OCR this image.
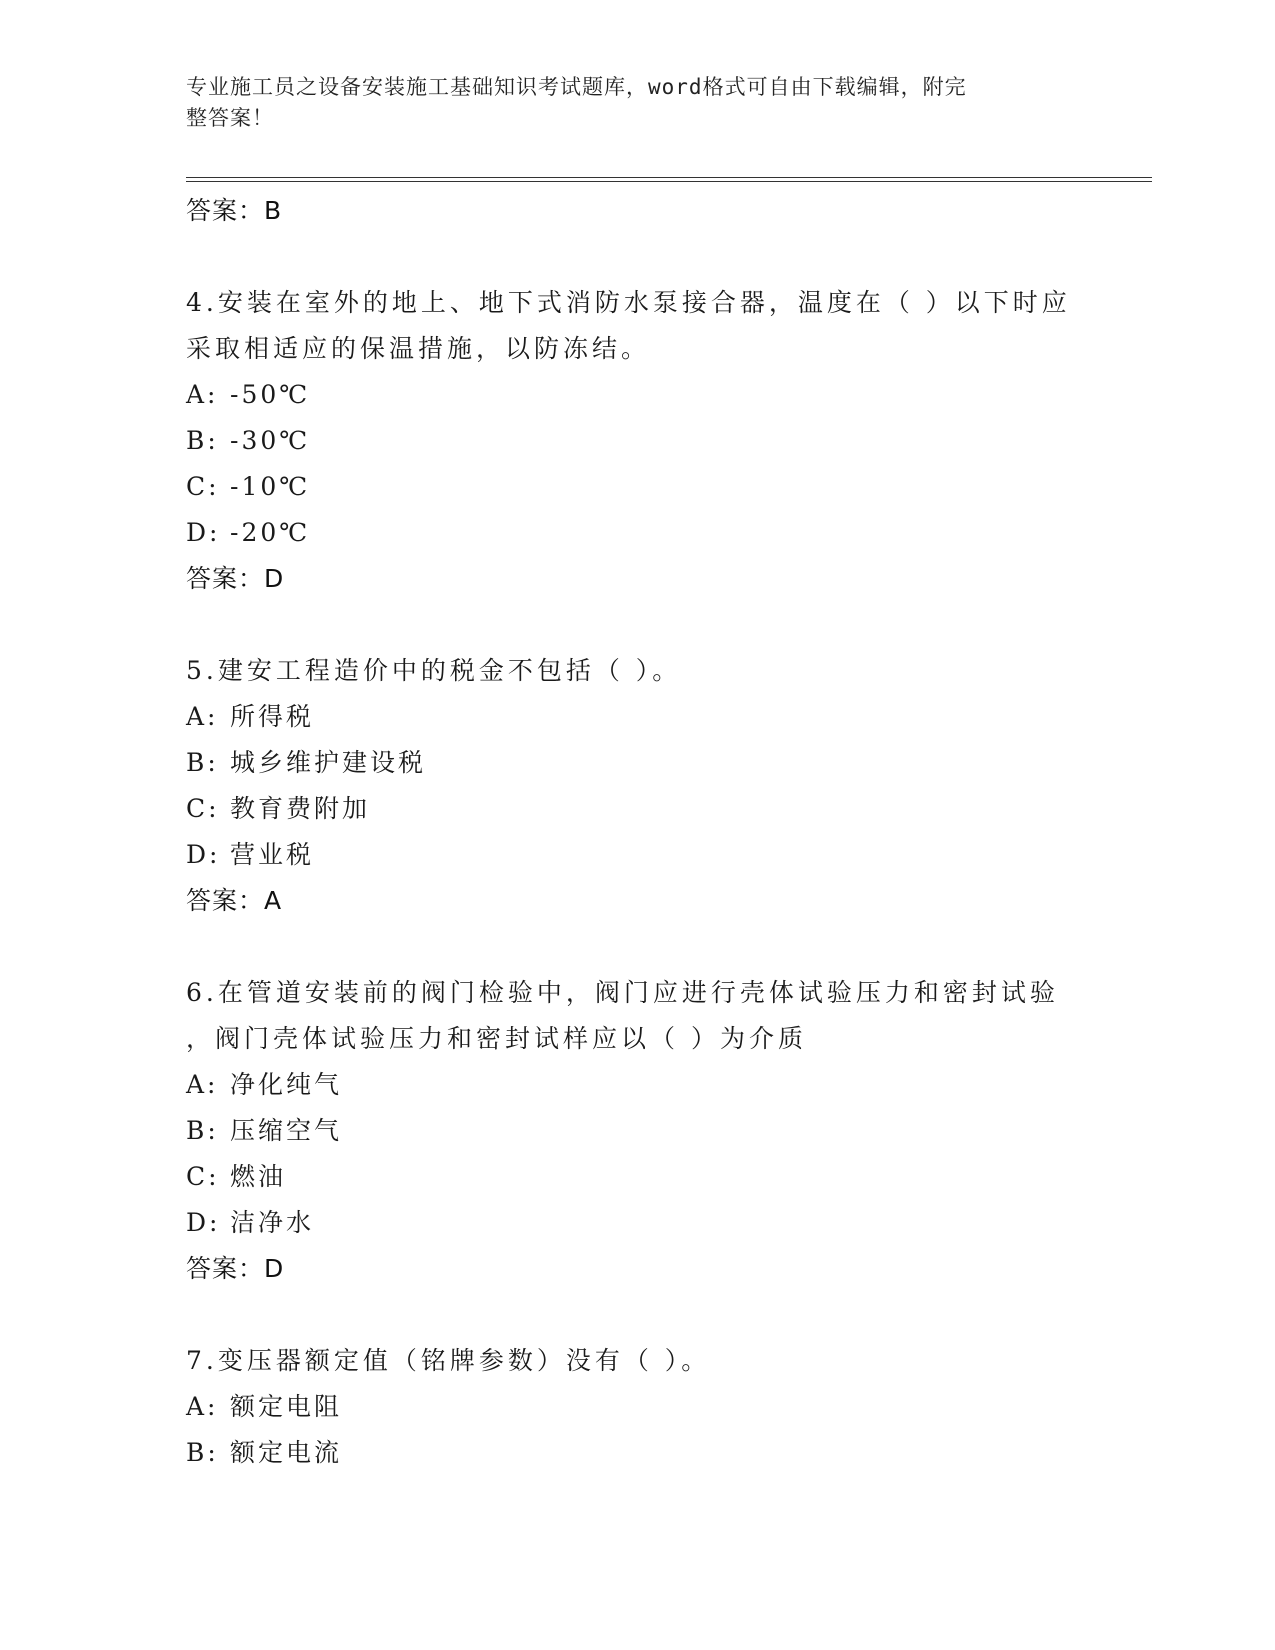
专业施工员之设备安装施工基础知识考试题库，word格式可自由下载编辑，附完
整答案！
答案：B
4.安装在室外的地上、地下式消防水泵接合器，温度在（ ）以下时应
采取相适应的保温措施，以防冻结。
A: -50℃
B: -30℃
C: -10℃
D: -20℃
答案：D
5.建安工程造价中的税金不包括（ ）。
A: 所得税
B: 城乡维护建设税
C: 教育费附加
D: 营业税
答案：A
6.在管道安装前的阀门检验中，阀门应进行壳体试验压力和密封试验
，阀门壳体试验压力和密封试样应以（ ）为介质
A: 净化纯气
B: 压缩空气
C: 燃油
D: 洁净水
答案：D
7.变压器额定值（铭牌参数）没有（ ）。
A: 额定电阻
B: 额定电流
